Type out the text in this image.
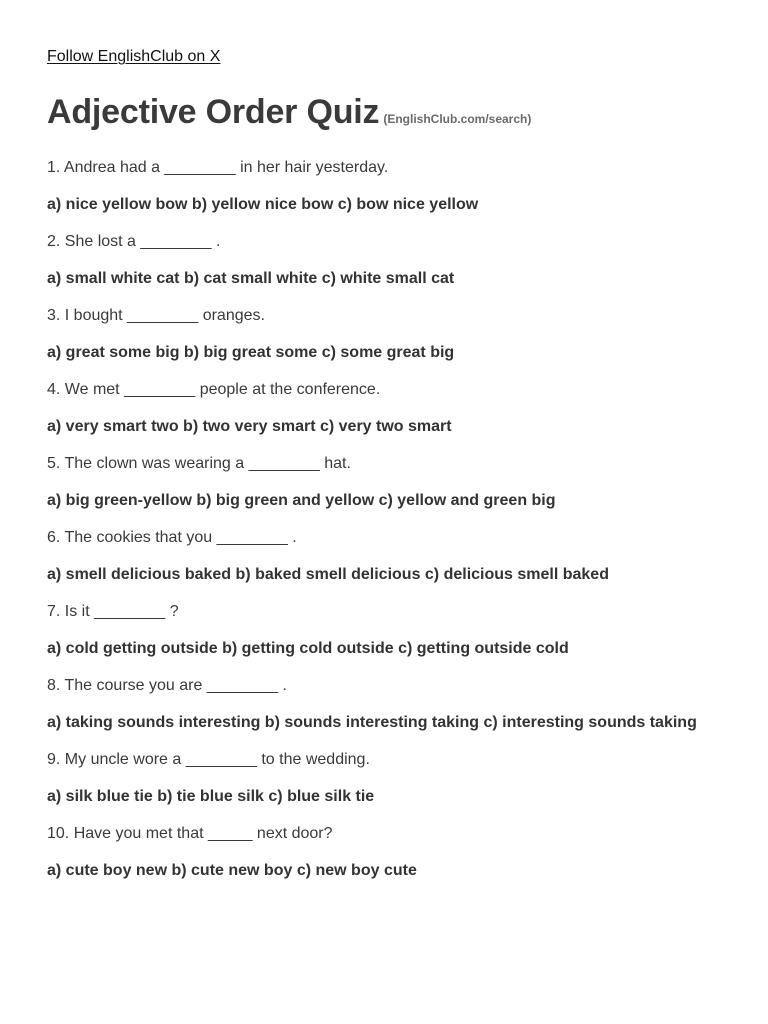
Follow EnglishClub on X
Adjective Order Quiz (EnglishClub.com/search)
1. Andrea had a ________ in her hair yesterday.
a) nice yellow bow b) yellow nice bow c) bow nice yellow
2. She lost a ________ .
a) small white cat b) cat small white c) white small cat
3. I bought ________ oranges.
a) great some big b) big great some c) some great big
4. We met ________ people at the conference.
a) very smart two b) two very smart c) very two smart
5. The clown was wearing a ________ hat.
a) big green-yellow b) big green and yellow c) yellow and green big
6. The cookies that you ________ .
a) smell delicious baked b) baked smell delicious c) delicious smell baked
7. Is it ________ ?
a) cold getting outside b) getting cold outside c) getting outside cold
8. The course you are ________ .
a) taking sounds interesting b) sounds interesting taking c) interesting sounds taking
9. My uncle wore a ________ to the wedding.
a) silk blue tie b) tie blue silk c) blue silk tie
10. Have you met that _____ next door?
a) cute boy new b) cute new boy c) new boy cute
